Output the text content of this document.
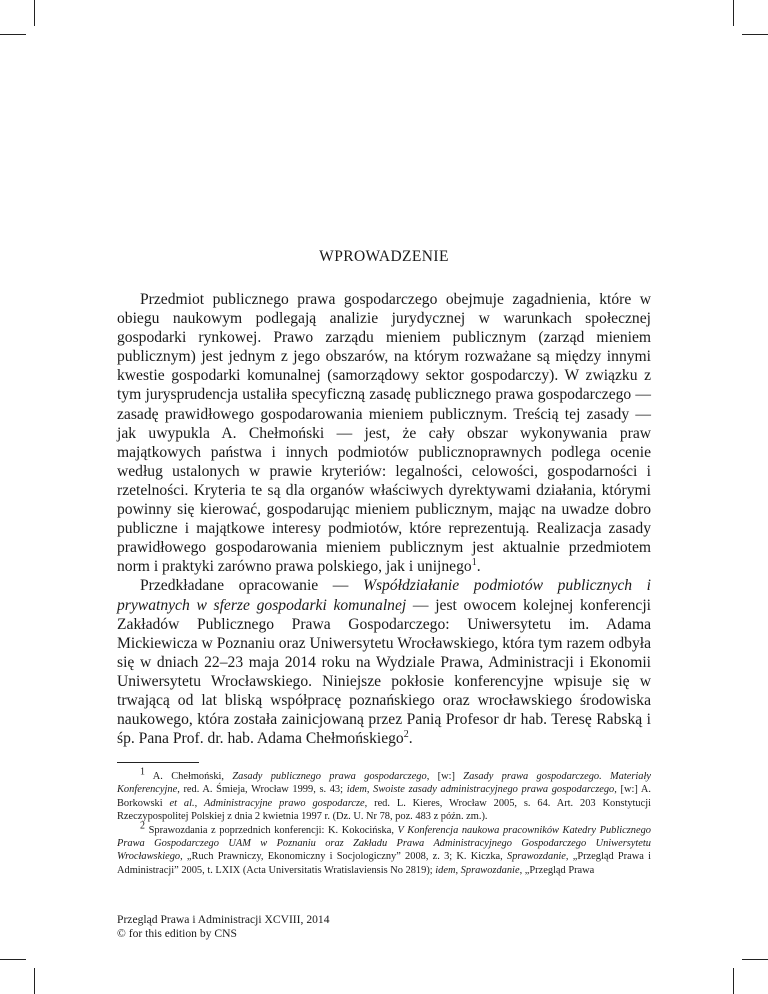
WPROWADZENIE

Przedmiot publicznego prawa gospodarczego obejmuje zagadnienia, które w obiegu naukowym podlegają analizie jurydycznej w warunkach społecznej gospodarki rynkowej. Prawo zarządu mieniem publicznym (zarząd mieniem publicznym) jest jednym z jego obszarów, na którym rozważane są między innymi kwestie gospodarki komunalnej (samorządowy sektor gospodarczy). W związku z tym jurysprudencja ustaliła specyficzną zasadę publicznego prawa gospodarczego — zasadę prawidłowego gospodarowania mieniem publicznym. Treścią tej zasady — jak uwypukla A. Chełmoński — jest, że cały obszar wykonywania praw majątkowych państwa i innych podmiotów publicznoprawnych podlega ocenie według ustalonych w prawie kryteriów: legalności, celowości, gospodarności i rzetelności. Kryteria te są dla organów właściwych dyrektywami działania, którymi powinny się kierować, gospodarując mieniem publicznym, mając na uwadze dobro publiczne i majątkowe interesy podmiotów, które reprezentują. Realizacja zasady prawidłowego gospodarowania mieniem publicznym jest aktualnie przedmiotem norm i praktyki zarówno prawa polskiego, jak i unijnego$^1$.

Przedkładane opracowanie — Współdziałanie podmiotów publicznych i prywatnych w sferze gospodarki komunalnej — jest owocem kolejnej konferencji Zakładów Publicznego Prawa Gospodarczego: Uniwersytetu im. Adama Mickiewicza w Poznaniu oraz Uniwersytetu Wrocławskiego, która tym razem odbyła się w dniach 22–23 maja 2014 roku na Wydziale Prawa, Administracji i Ekonomii Uniwersytetu Wrocławskiego. Niniejsze pokłosie konferencyjne wpisuje się w trwającą od lat bliską współpracę poznańskiego oraz wrocławskiego środowiska naukowego, która została zainicjowaną przez Panią Profesor dr hab. Teresę Rabską i śp. Pana Prof. dr. hab. Adama Chełmońskiego$^2$.

$^1$ A. Chełmoński, Zasady publicznego prawa gospodarczego, [w:] Zasady prawa gospodarczego. Materiały Konferencyjne, red. A. Śmieja, Wrocław 1999, s. 43; idem, Swoiste zasady administracyjnego prawa gospodarczego, [w:] A. Borkowski et al., Administracyjne prawo gospodarcze, red. L. Kieres, Wrocław 2005, s. 64. Art. 203 Konstytucji Rzeczypospolitej Polskiej z dnia 2 kwietnia 1997 r. (Dz. U. Nr 78, poz. 483 z późn. zm.).

$^2$ Sprawozdania z poprzednich konferencji: K. Kokocińska, V Konferencja naukowa pracowników Katedry Publicznego Prawa Gospodarczego UAM w Poznaniu oraz Zakładu Prawa Administracyjnego Gospodarczego Uniwersytetu Wrocławskiego, „Ruch Prawniczy, Ekonomiczny i Socjologiczny” 2008, z. 3; K. Kiczka, Sprawozdanie, „Przegląd Prawa i Administracji” 2005, t. LXIX (Acta Universitatis Wratislaviensis No 2819); idem, Sprawozdanie, „Przegląd Prawa

Przegląd Prawa i Administracji XCVIII, 2014
© for this edition by CNS
